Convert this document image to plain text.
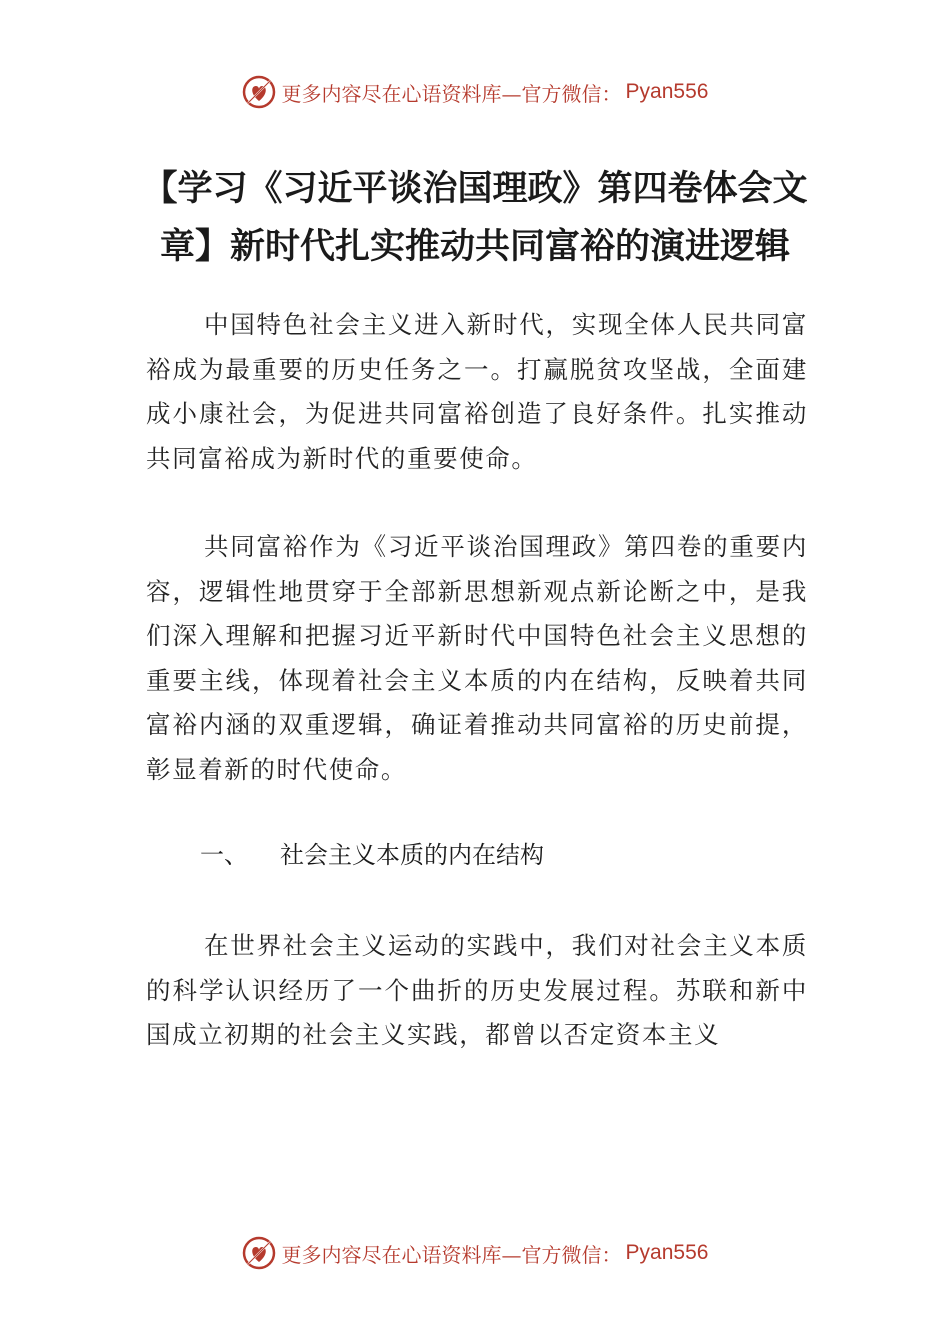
更多内容尽在心语资料库—官方微信： Pyan556
【学习《习近平谈治国理政》第四卷体会文章】新时代扎实推动共同富裕的演进逻辑

中国特色社会主义进入新时代，实现全体人民共同富裕成为最重要的历史任务之一。打赢脱贫攻坚战，全面建成小康社会，为促进共同富裕创造了良好条件。扎实推动共同富裕成为新时代的重要使命。

共同富裕作为《习近平谈治国理政》第四卷的重要内容，逻辑性地贯穿于全部新思想新观点新论断之中，是我们深入理解和把握习近平新时代中国特色社会主义思想的重要主线，体现着社会主义本质的内在结构，反映着共同富裕内涵的双重逻辑，确证着推动共同富裕的历史前提，彰显着新的时代使命。

一、 社会主义本质的内在结构

在世界社会主义运动的实践中，我们对社会主义本质的科学认识经历了一个曲折的历史发展过程。苏联和新中国成立初期的社会主义实践，都曾以否定资本主义

更多内容尽在心语资料库—官方微信： Pyan556
